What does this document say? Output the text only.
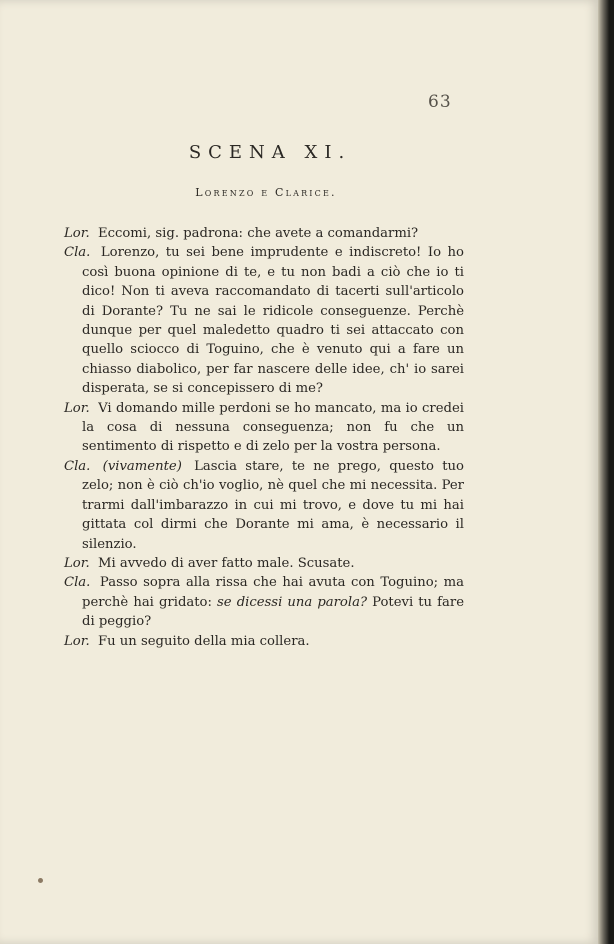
63
SCENA XI.
Lorenzo e Clarice.

Lor. Eccomi, sig. padrona: che avete a comandarmi?

Cla. Lorenzo, tu sei bene imprudente e indiscreto! Io ho così buona opinione di te, e tu non badi a ciò che io ti dico! Non ti aveva raccomandato di tacerti sull'articolo di Dorante? Tu ne sai le ridicole conseguenze. Perchè dunque per quel maledetto quadro ti sei attaccato con quello sciocco di Toguino, che è venuto qui a fare un chiasso diabolico, per far nascere delle idee, ch' io sarei disperata, se si concepissero di me?

Lor. Vi domando mille perdoni se ho mancato, ma io credei la cosa di nessuna conseguenza; non fu che un sentimento di rispetto e di zelo per la vostra persona.

Cla. (vivamente) Lascia stare, te ne prego, questo tuo zelo; non è ciò ch'io voglio, nè quel che mi necessita. Per trarmi dall'imbarazzo in cui mi trovo, e dove tu mi hai gittata col dirmi che Dorante mi ama, è necessario il silenzio.

Lor. Mi avvedo di aver fatto male. Scusate.

Cla. Passo sopra alla rissa che hai avuta con Toguino; ma perchè hai gridato: se dicessi una parola? Potevi tu fare di peggio?

Lor. Fu un seguito della mia collera.
